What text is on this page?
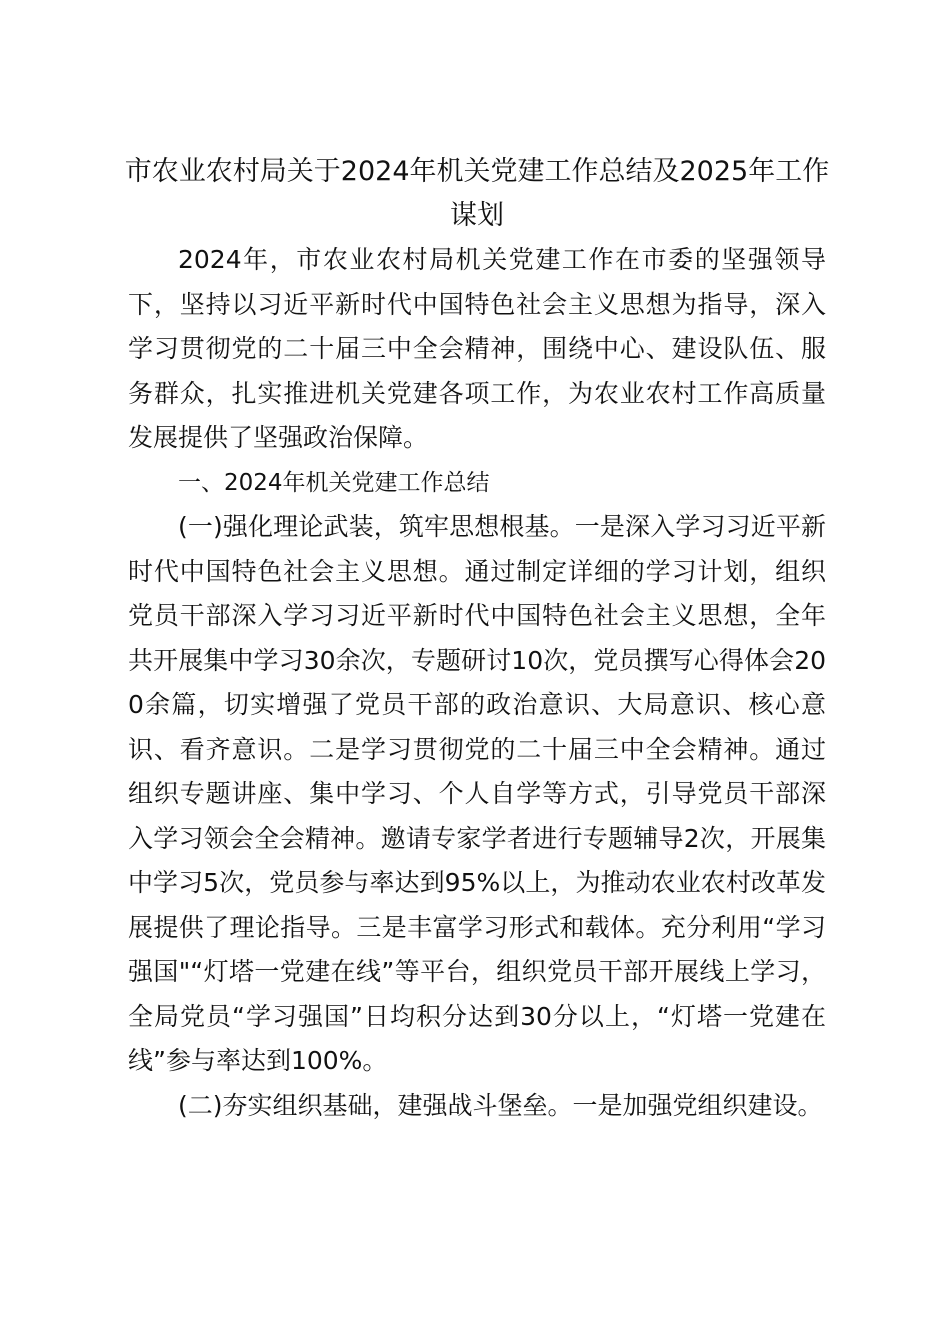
市农业农村局关于2024年机关党建工作总结及2025年工作谋划

2024年，市农业农村局机关党建工作在市委的坚强领导下，坚持以习近平新时代中国特色社会主义思想为指导，深入学习贯彻党的二十届三中全会精神，围绕中心、建设队伍、服务群众，扎实推进机关党建各项工作，为农业农村工作高质量发展提供了坚强政治保障。

一、2024年机关党建工作总结

(一)强化理论武装，筑牢思想根基。一是深入学习习近平新时代中国特色社会主义思想。通过制定详细的学习计划，组织党员干部深入学习习近平新时代中国特色社会主义思想，全年共开展集中学习30余次，专题研讨10次，党员撰写心得体会200余篇，切实增强了党员干部的政治意识、大局意识、核心意识、看齐意识。二是学习贯彻党的二十届三中全会精神。通过组织专题讲座、集中学习、个人自学等方式，引导党员干部深入学习领会全会精神。邀请专家学者进行专题辅导2次，开展集中学习5次，党员参与率达到95%以上，为推动农业农村改革发展提供了理论指导。三是丰富学习形式和载体。充分利用“学习强国"“灯塔一党建在线”等平台，组织党员干部开展线上学习，全局党员“学习强国”日均积分达到30分以上，“灯塔一党建在线”参与率达到100%。

(二)夯实组织基础，建强战斗堡垒。一是加强党组织建设。
